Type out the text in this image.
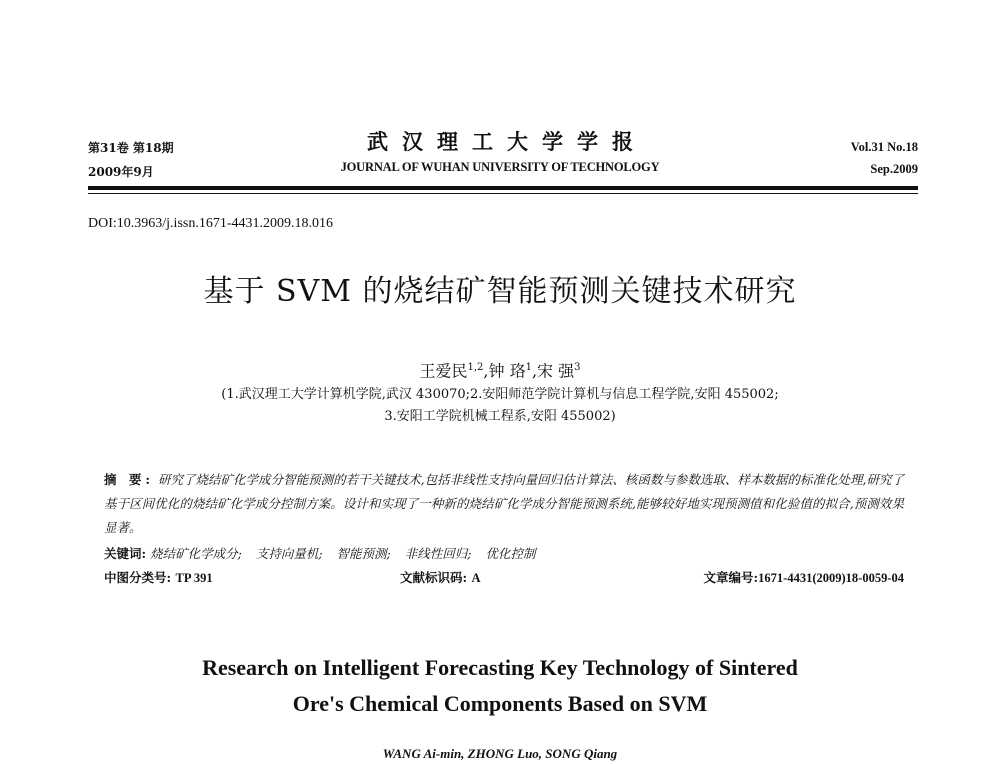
第31卷 第18期
2009年9月
武汉理工大学学报
JOURNAL OF WUHAN UNIVERSITY OF TECHNOLOGY
Vol.31 No.18
Sep.2009
DOI:10.3963/j.issn.1671-4431.2009.18.016
基于 SVM 的烧结矿智能预测关键技术研究
王爱民$^{1,2}$,钟 珞$^1$,宋 强$^3$
(1.武汉理工大学计算机学院,武汉 430070;2.安阳师范学院计算机与信息工程学院,安阳 455002;
3.安阳工学院机械工程系,安阳 455002)
摘 要: 研究了烧结矿化学成分智能预测的若干关键技术,包括非线性支持向量回归估计算法、核函数与参数选取、样本数据的标准化处理,研究了基于区间优化的烧结矿化学成分控制方案。设计和实现了一种新的烧结矿化学成分智能预测系统,能够较好地实现预测值和化验值的拟合,预测效果显著。
关键词: 烧结矿化学成分; 支持向量机; 智能预测; 非线性回归; 优化控制
中图分类号: TP 391	文献标识码: A	文章编号:1671-4431(2009)18-0059-04
Research on Intelligent Forecasting Key Technology of Sintered
Ore's Chemical Components Based on SVM
WANG Ai-min, ZHONG Luo, SONG Qiang
